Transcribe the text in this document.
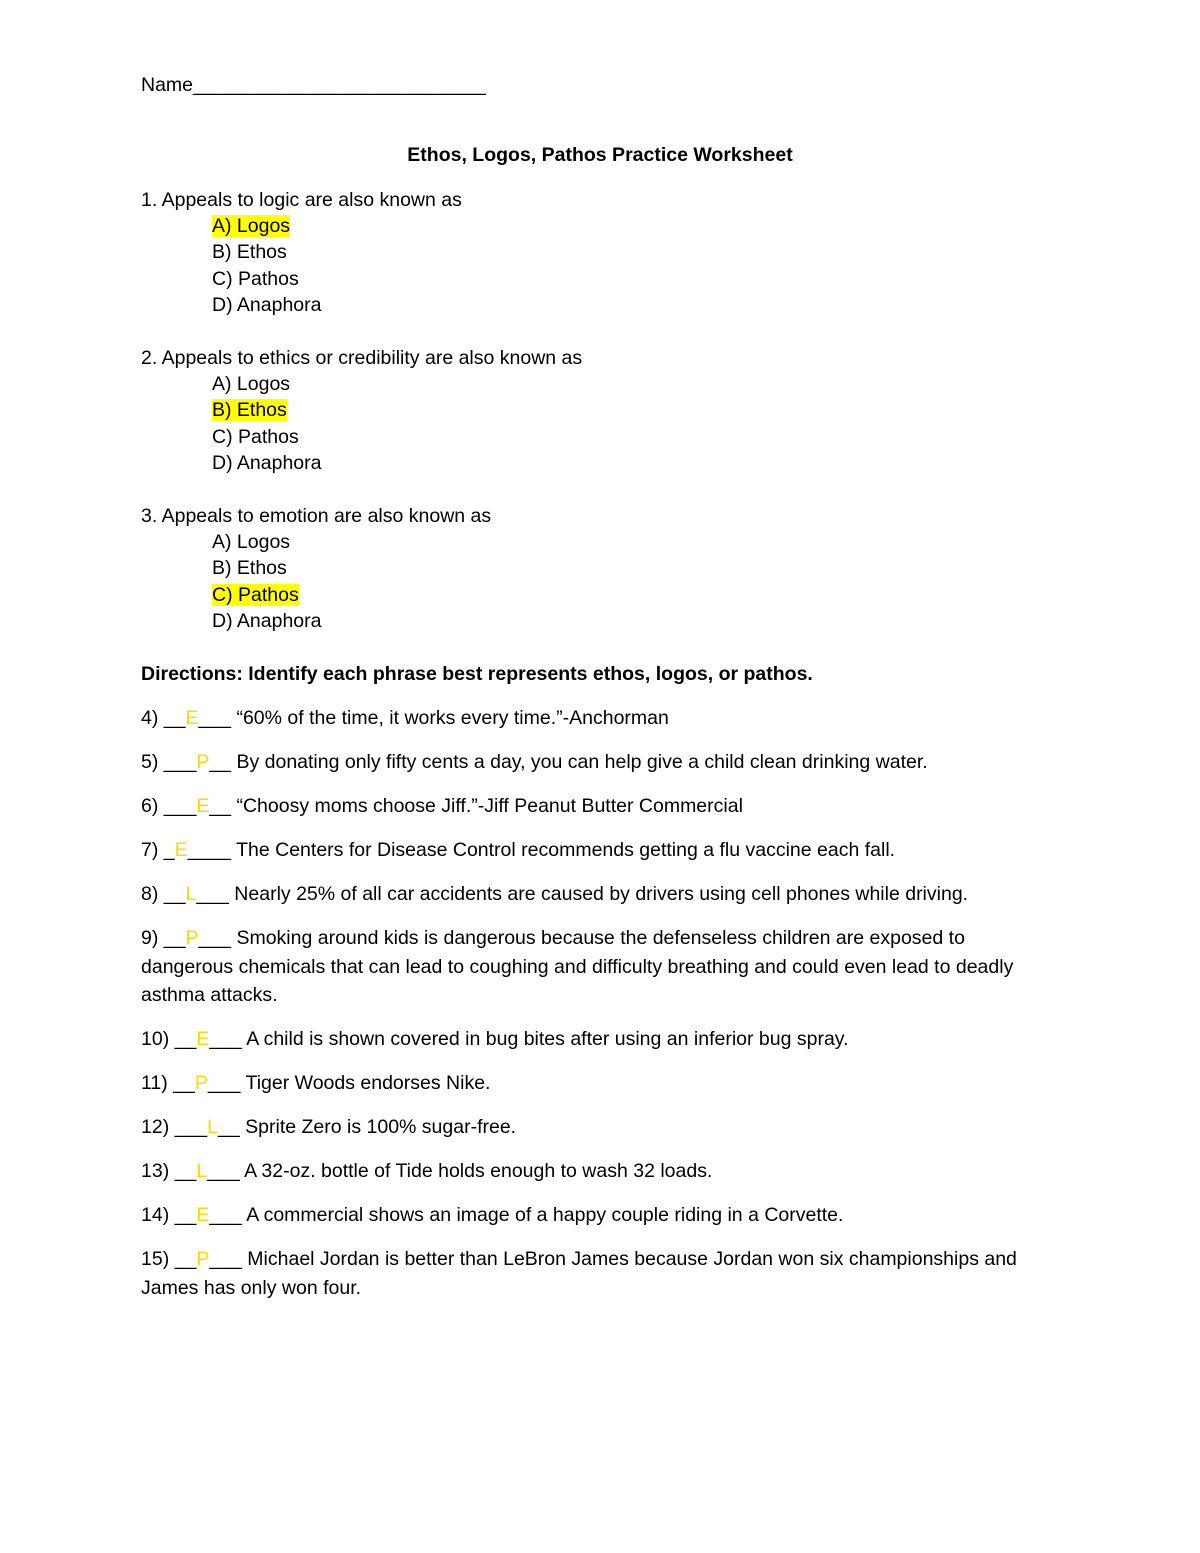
Name___________________________
Ethos, Logos, Pathos Practice Worksheet
1. Appeals to logic are also known as
A) Logos
B) Ethos
C) Pathos
D) Anaphora
2. Appeals to ethics or credibility are also known as
A) Logos
B) Ethos
C) Pathos
D) Anaphora
3. Appeals to emotion are also known as
A) Logos
B) Ethos
C) Pathos
D) Anaphora
Directions: Identify each phrase best represents ethos, logos, or pathos.
4) __E___ “60% of the time, it works every time.”-Anchorman
5) ___P__ By donating only fifty cents a day, you can help give a child clean drinking water.
6) ___E__ “Choosy moms choose Jiff.”-Jiff Peanut Butter Commercial
7) _E____ The Centers for Disease Control recommends getting a flu vaccine each fall.
8) __L___ Nearly 25% of all car accidents are caused by drivers using cell phones while driving.
9) __P___ Smoking around kids is dangerous because the defenseless children are exposed to dangerous chemicals that can lead to coughing and difficulty breathing and could even lead to deadly asthma attacks.
10) __E___ A child is shown covered in bug bites after using an inferior bug spray.
11) __P___ Tiger Woods endorses Nike.
12) ___L__ Sprite Zero is 100% sugar-free.
13) __L___ A 32-oz. bottle of Tide holds enough to wash 32 loads.
14) __E___ A commercial shows an image of a happy couple riding in a Corvette.
15) __P___ Michael Jordan is better than LeBron James because Jordan won six championships and James has only won four.
